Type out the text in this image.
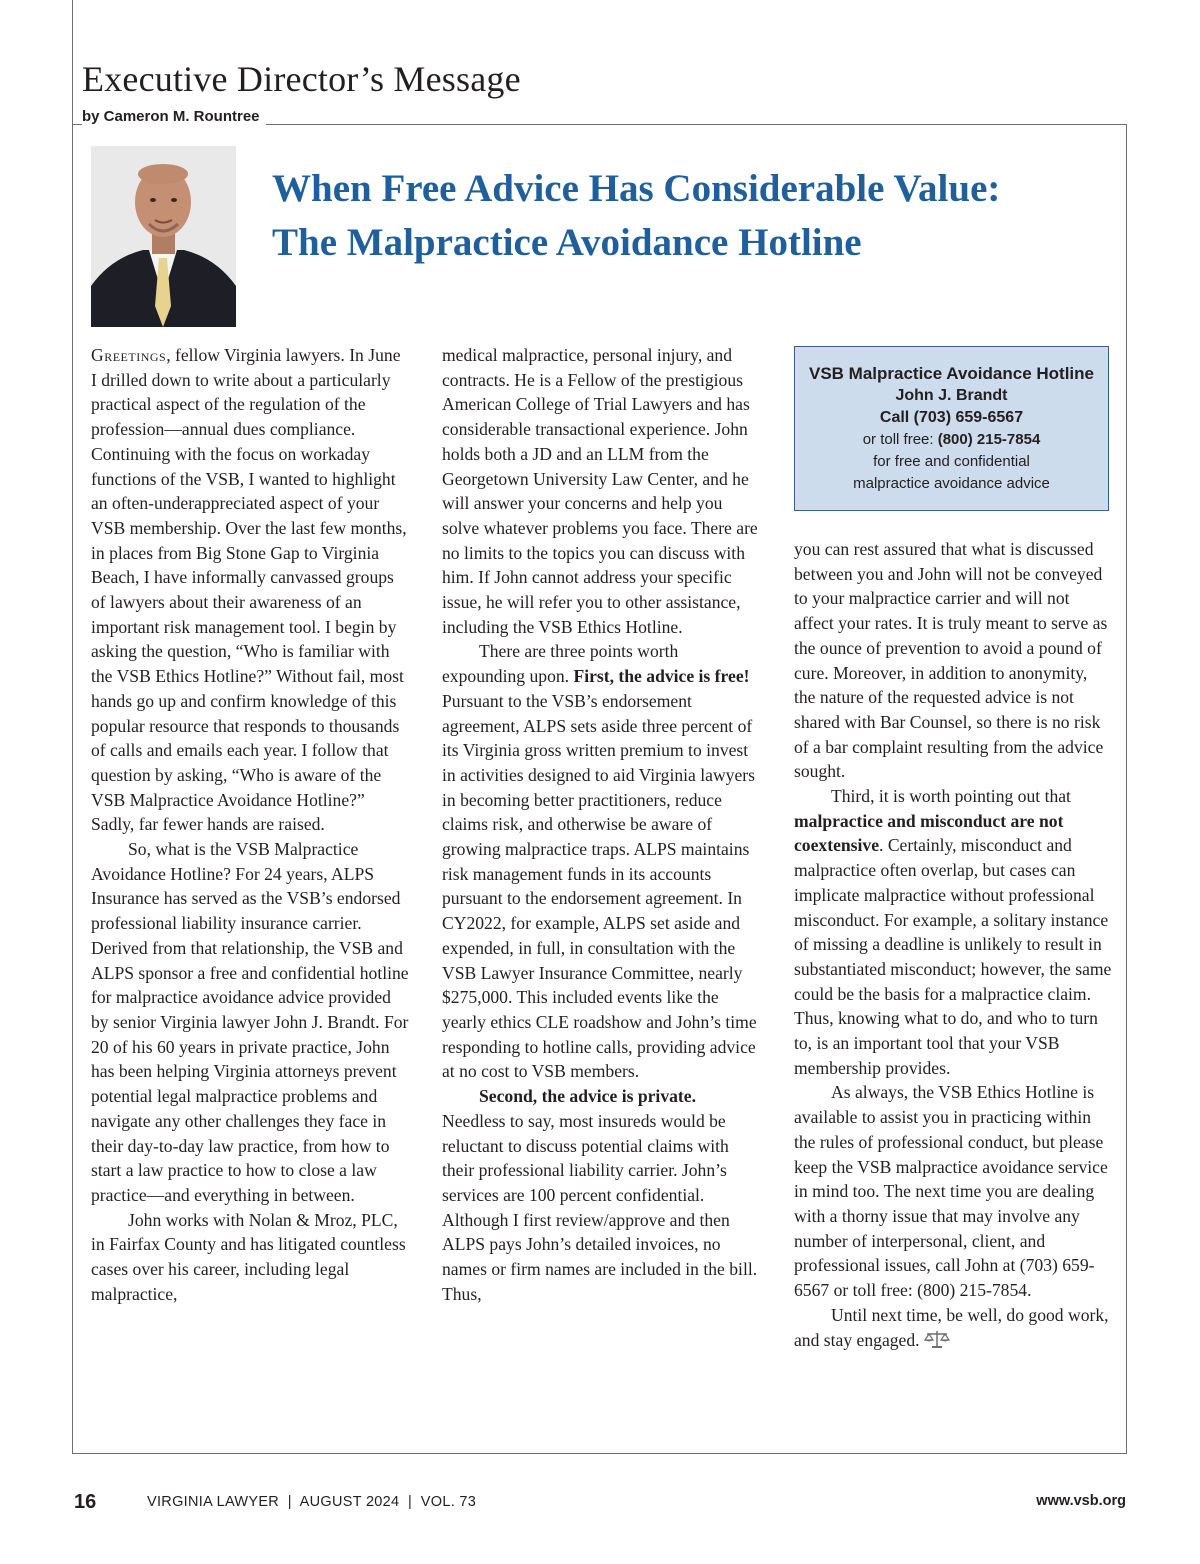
Executive Director’s Message

by Cameron M. Rountree

When Free Advice Has Considerable Value:
The Malpractice Avoidance Hotline

Greetings, fellow Virginia lawyers. In June I drilled down to write about a particularly practical aspect of the regulation of the profession—annual dues compliance. Continuing with the focus on workaday functions of the VSB, I wanted to highlight an often-underappreciated aspect of your VSB membership. Over the last few months, in places from Big Stone Gap to Virginia Beach, I have informally canvassed groups of lawyers about their awareness of an important risk management tool. I begin by asking the question, “Who is familiar with the VSB Ethics Hotline?” Without fail, most hands go up and confirm knowledge of this popular resource that responds to thousands of calls and emails each year. I follow that question by asking, “Who is aware of the VSB Malpractice Avoidance Hotline?” Sadly, far fewer hands are raised.

So, what is the VSB Malpractice Avoidance Hotline? For 24 years, ALPS Insurance has served as the VSB’s endorsed professional liability insurance carrier. Derived from that relationship, the VSB and ALPS sponsor a free and confidential hotline for malpractice avoidance advice provided by senior Virginia lawyer John J. Brandt. For 20 of his 60 years in private practice, John has been helping Virginia attorneys prevent potential legal malpractice problems and navigate any other challenges they face in their day-to-day law practice, from how to start a law practice to how to close a law practice—and everything in between.

John works with Nolan & Mroz, PLC, in Fairfax County and has litigated countless cases over his career, including legal malpractice,

medical malpractice, personal injury, and contracts. He is a Fellow of the prestigious American College of Trial Lawyers and has considerable transactional experience. John holds both a JD and an LLM from the Georgetown University Law Center, and he will answer your concerns and help you solve whatever problems you face. There are no limits to the topics you can discuss with him. If John cannot address your specific issue, he will refer you to other assistance, including the VSB Ethics Hotline.

There are three points worth expounding upon. First, the advice is free! Pursuant to the VSB’s endorsement agreement, ALPS sets aside three percent of its Virginia gross written premium to invest in activities designed to aid Virginia lawyers in becoming better practitioners, reduce claims risk, and otherwise be aware of growing malpractice traps. ALPS maintains risk management funds in its accounts pursuant to the endorsement agreement. In CY2022, for example, ALPS set aside and expended, in full, in consultation with the VSB Lawyer Insurance Committee, nearly $275,000. This included events like the yearly ethics CLE roadshow and John’s time responding to hotline calls, providing advice at no cost to VSB members.

Second, the advice is private. Needless to say, most insureds would be reluctant to discuss potential claims with their professional liability carrier. John’s services are 100 percent confidential. Although I first review/approve and then ALPS pays John’s detailed invoices, no names or firm names are included in the bill. Thus,

VSB Malpractice Avoidance Hotline
John J. Brandt
Call (703) 659-6567
or toll free: (800) 215-7854
for free and confidential
malpractice avoidance advice

you can rest assured that what is discussed between you and John will not be conveyed to your malpractice carrier and will not affect your rates. It is truly meant to serve as the ounce of prevention to avoid a pound of cure. Moreover, in addition to anonymity, the nature of the requested advice is not shared with Bar Counsel, so there is no risk of a bar complaint resulting from the advice sought.

Third, it is worth pointing out that malpractice and misconduct are not coextensive. Certainly, misconduct and malpractice often overlap, but cases can implicate malpractice without professional misconduct. For example, a solitary instance of missing a deadline is unlikely to result in substantiated misconduct; however, the same could be the basis for a malpractice claim. Thus, knowing what to do, and who to turn to, is an important tool that your VSB membership provides.

As always, the VSB Ethics Hotline is available to assist you in practicing within the rules of professional conduct, but please keep the VSB malpractice avoidance service in mind too. The next time you are dealing with a thorny issue that may involve any number of interpersonal, client, and professional issues, call John at (703) 659-6567 or toll free: (800) 215-7854.

Until next time, be well, do good work, and stay engaged.

16	VIRGINIA LAWYER  |  AUGUST 2024  |  VOL. 73	www.vsb.org
